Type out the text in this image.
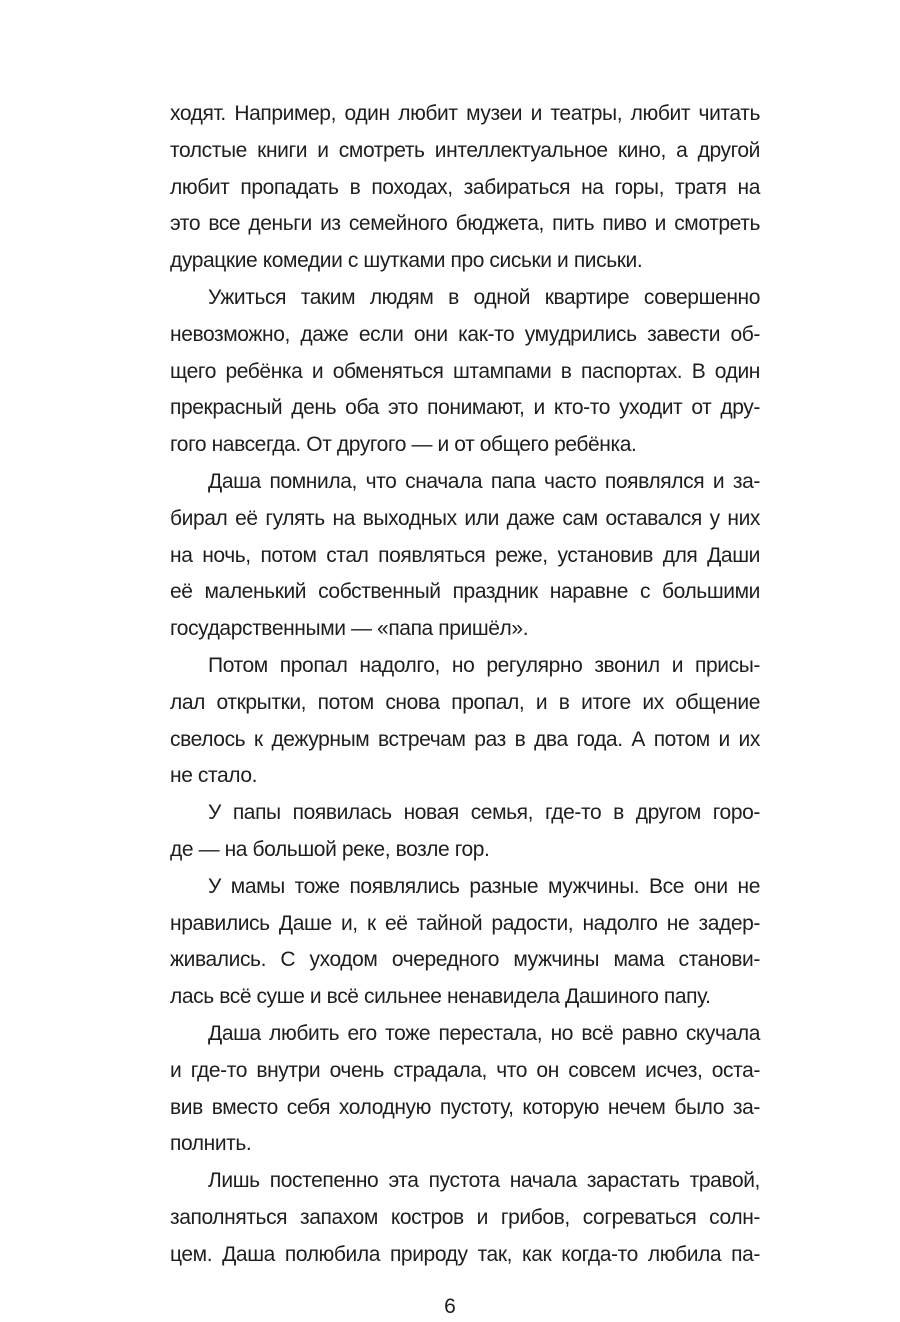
ходят. Например, один любит музеи и театры, любит читать
толстые книги и смотреть интеллектуальное кино, а другой
любит пропадать в походах, забираться на горы, тратя на
это все деньги из семейного бюджета, пить пиво и смотреть
дурацкие комедии с шутками про сиськи и письки.
Ужиться таким людям в одной квартире совершенно
невозможно, даже если они как-то умудрились завести об-
щего ребёнка и обменяться штампами в паспортах. В один
прекрасный день оба это понимают, и кто-то уходит от дру-
гого навсегда. От другого — и от общего ребёнка.
Даша помнила, что сначала папа часто появлялся и за-
бирал её гулять на выходных или даже сам оставался у них
на ночь, потом стал появляться реже, установив для Даши
её маленький собственный праздник наравне с большими
государственными — «папа пришёл».
Потом пропал надолго, но регулярно звонил и присы-
лал открытки, потом снова пропал, и в итоге их общение
свелось к дежурным встречам раз в два года. А потом и их
не стало.
У папы появилась новая семья, где-то в другом горо-
де — на большой реке, возле гор.
У мамы тоже появлялись разные мужчины. Все они не
нравились Даше и, к её тайной радости, надолго не задер-
живались. С уходом очередного мужчины мама станови-
лась всё суше и всё сильнее ненавидела Дашиного папу.
Даша любить его тоже перестала, но всё равно скучала
и где-то внутри очень страдала, что он совсем исчез, оста-
вив вместо себя холодную пустоту, которую нечем было за-
полнить.
Лишь постепенно эта пустота начала зарастать травой,
заполняться запахом костров и грибов, согреваться солн-
цем. Даша полюбила природу так, как когда-то любила па-
6
